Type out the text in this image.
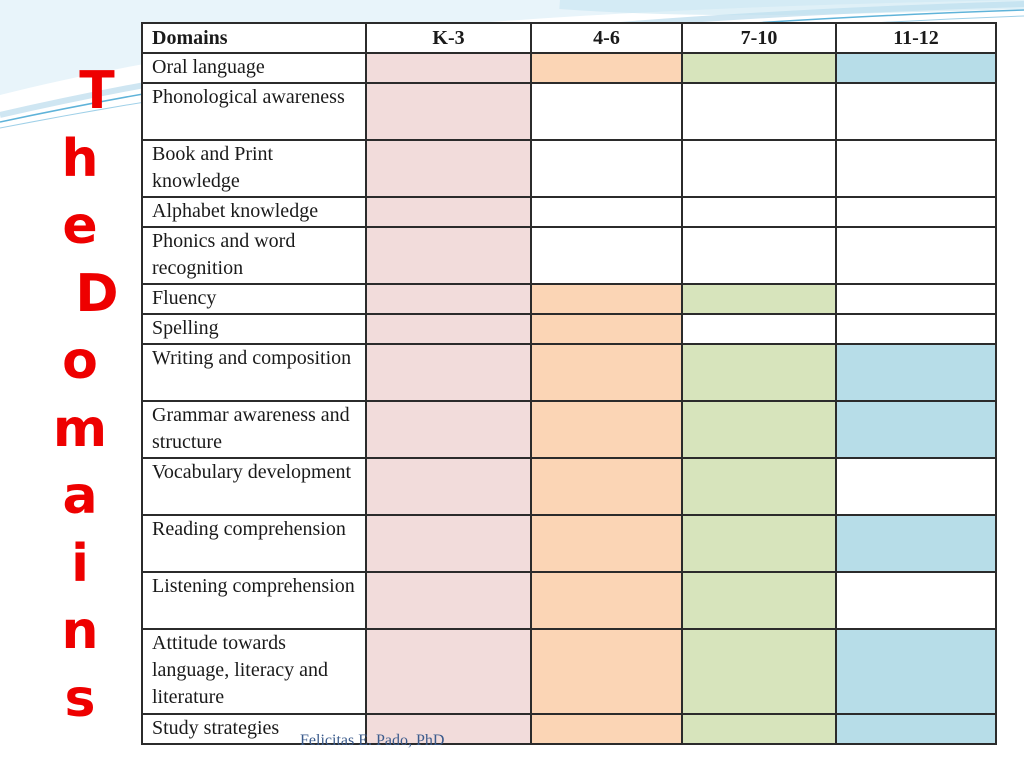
T
h
e
D
o
m
a
i
n
s
Domains	K-3	4-6	7-10	11-12
Oral language				
Phonological awareness				
Book and Print knowledge				
Alphabet knowledge				
Phonics and word recognition				
Fluency				
Spelling				
Writing and composition				
Grammar awareness and structure				
Vocabulary development				
Reading comprehension				
Listening comprehension				
Attitude towards language, literacy and literature				
Study strategies				
Felicitas E. Pado, PhD
